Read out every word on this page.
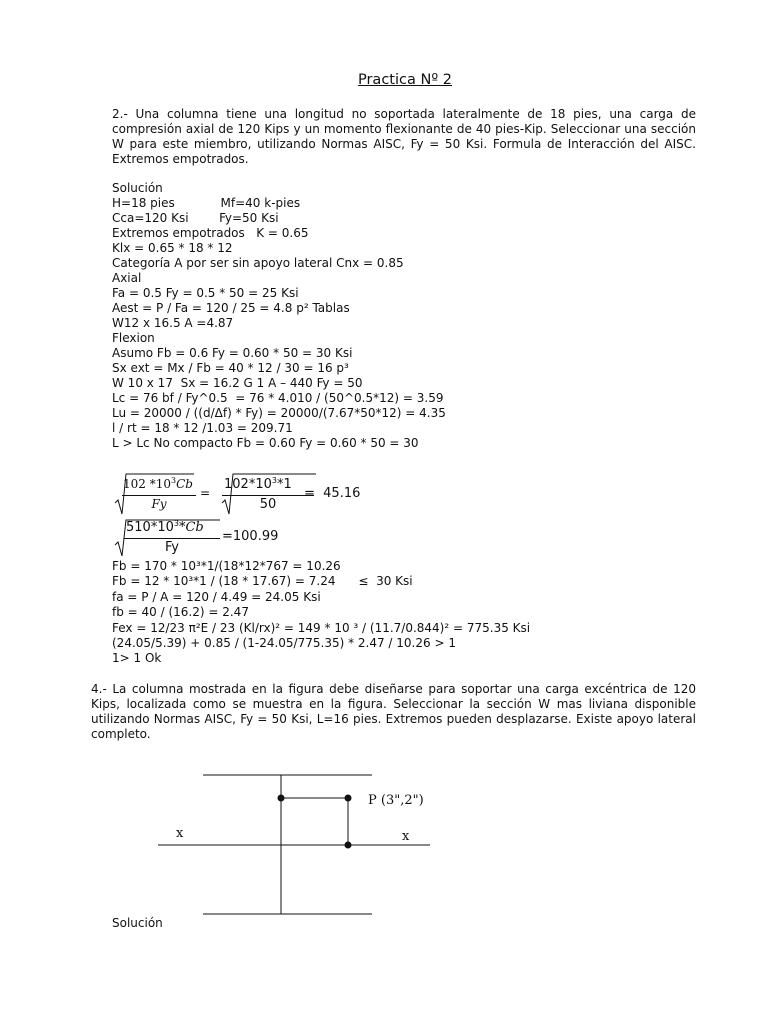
Practica Nº 2
2.- Una columna tiene una longitud no soportada lateralmente de 18 pies, una carga de compresión axial de 120 Kips y un momento flexionante de 40 pies-Kip. Seleccionar una sección W para este miembro, utilizando Normas AISC, Fy = 50 Ksi. Formula de Interacción del AISC. Extremos empotrados.
Solución
H=18 pies            Mf=40 k-pies
Cca=120 Ksi        Fy=50 Ksi
Extremos empotrados   K = 0.65
Klx = 0.65 * 18 * 12
Categoría A por ser sin apoyo lateral Cnx = 0.85
Axial
Fa = 0.5 Fy = 0.5 * 50 = 25 Ksi
Aest = P / Fa = 120 / 25 = 4.8 p² Tablas
W12 x 16.5 A =4.87
Flexion
Asumo Fb = 0.6 Fy = 0.60 * 50 = 30 Ksi
Sx ext = Mx / Fb = 40 * 12 / 30 = 16 p³
W 10 x 17  Sx = 16.2 G 1 A – 440 Fy = 50
Lc = 76 bf / Fy^0.5  = 76 * 4.010 / (50^0.5*12) = 3.59
Lu = 20000 / ((d/Δf) * Fy) = 20000/(7.67*50*12) = 4.35
l / rt = 18 * 12 /1.03 = 209.71
L > Lc No compacto Fb = 0.60 Fy = 0.60 * 50 = 30
102 $*10^3Cb$
Fy
=
$102*10^3*1$
50
=  45.16
$510*10^3*Cb$
Fy
=100.99
Fb = 170 * 10³*1/(18*12*767 = 10.26
Fb = 12 * 10³*1 / (18 * 17.67) = 7.24      ≤  30 Ksi
fa = P / A = 120 / 4.49 = 24.05 Ksi
fb = 40 / (16.2) = 2.47
Fex = 12/23 π²E / 23 (Kl/rx)² = 149 * 10 ³ / (11.7/0.844)² = 775.35 Ksi
(24.05/5.39) + 0.85 / (1-24.05/775.35) * 2.47 / 10.26 > 1
1> 1 Ok
4.- La columna mostrada en la figura debe diseñarse para soportar una carga excéntrica de 120 Kips, localizada como se muestra en la figura. Seleccionar la sección W mas liviana disponible utilizando Normas AISC, Fy = 50 Ksi, L=16 pies. Extremos pueden desplazarse. Existe apoyo lateral completo.
P (3",2")
x	x
Solución
